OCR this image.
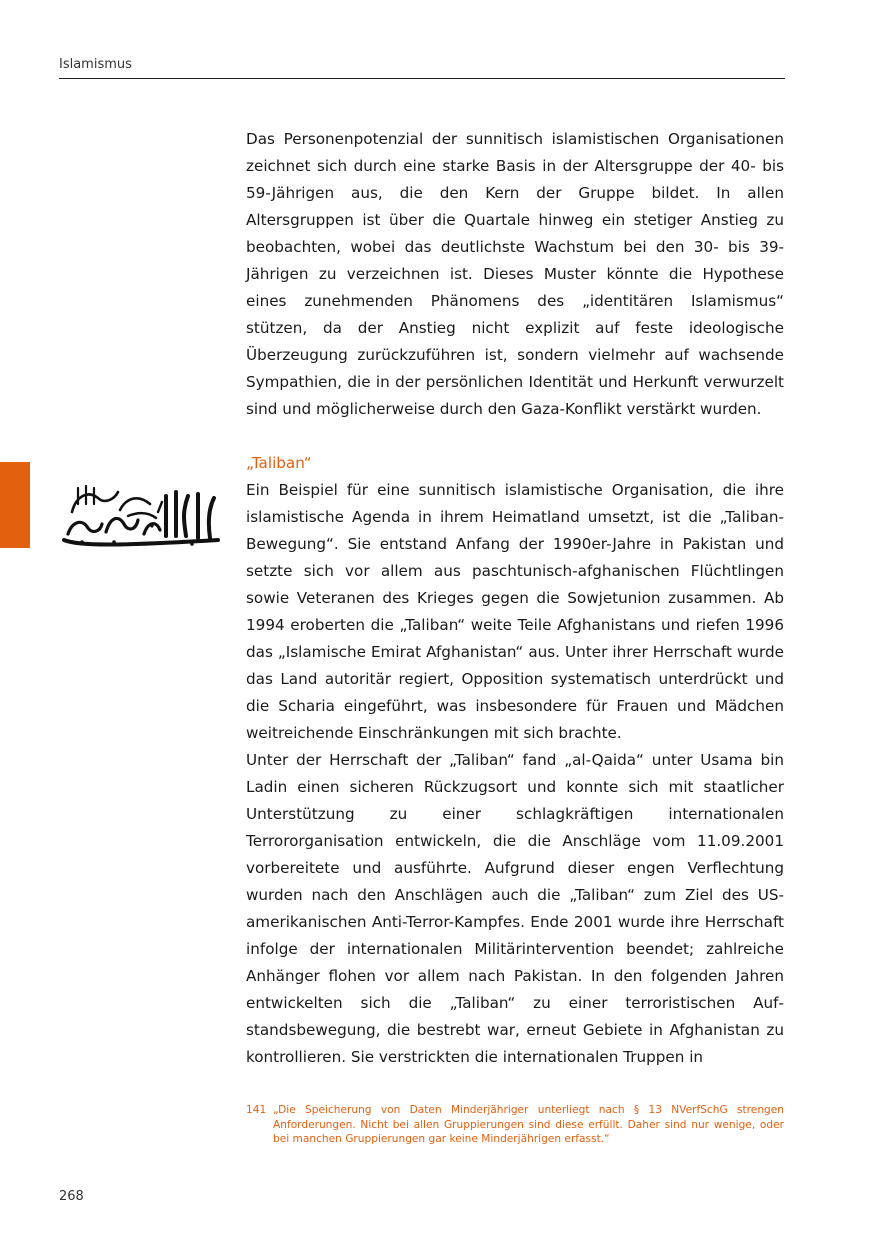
Islamismus

Das Personenpotenzial der sunnitisch islamistischen Organisationen zeichnet sich durch eine starke Basis in der Altersgruppe der 40- bis 59-Jährigen aus, die den Kern der Gruppe bildet. In allen Altersgruppen ist über die Quartale hinweg ein stetiger Anstieg zu beobachten, wobei das deutlichste Wachstum bei den 30- bis 39-Jährigen zu verzeichnen ist. Dieses Muster könnte die Hypothese eines zunehmenden Phänomens des „identitären Islamismus“ stützen, da der Anstieg nicht explizit auf feste ideologische Überzeugung zurückzuführen ist, sondern vielmehr auf wachsende Sympathien, die in der persönlichen Identität und Herkunft verwurzelt sind und möglicherweise durch den Gaza-Konflikt verstärkt wurden.

„Taliban“

Ein Beispiel für eine sunnitisch islamistische Organisation, die ihre islamistische Agenda in ihrem Heimatland umsetzt, ist die „Taliban-Bewegung“. Sie entstand Anfang der 1990er-Jahre in Pakistan und setzte sich vor allem aus paschtunisch-afghanischen Flüchtlingen sowie Veteranen des Krieges gegen die Sowjetunion zusammen. Ab 1994 eroberten die „Taliban“ weite Teile Afghanistans und riefen 1996 das „Islamische Emirat Afghanistan“ aus. Unter ihrer Herrschaft wurde das Land autoritär regiert, Opposition systematisch unterdrückt und die Scharia eingeführt, was insbesondere für Frauen und Mädchen weitreichende Einschränkungen mit sich brachte.

Unter der Herrschaft der „Taliban“ fand „al-Qaida“ unter Usama bin Ladin einen sicheren Rückzugsort und konnte sich mit staatlicher Unterstützung zu einer schlagkräftigen internationalen Terrororganisation entwickeln, die die Anschläge vom 11.09.2001 vorbereitete und ausführte. Aufgrund dieser engen Verflechtung wurden nach den Anschlägen auch die „Taliban“ zum Ziel des US-amerikanischen Anti-Terror-Kampfes. Ende 2001 wurde ihre Herrschaft infolge der internationalen Militärintervention beendet; zahlreiche Anhänger flohen vor allem nach Pakistan. In den folgenden Jahren entwickelten sich die „Taliban“ zu einer terroristischen Aufstandsbewegung, die bestrebt war, erneut Gebiete in Afghanistan zu kontrollieren. Sie verstrickten die internationalen Truppen in

141 „Die Speicherung von Daten Minderjähriger unterliegt nach § 13 NVerfSchG strengen Anforderungen. Nicht bei allen Gruppierungen sind diese erfüllt. Daher sind nur wenige, oder bei manchen Gruppierungen gar keine Minderjährigen erfasst.“
268
